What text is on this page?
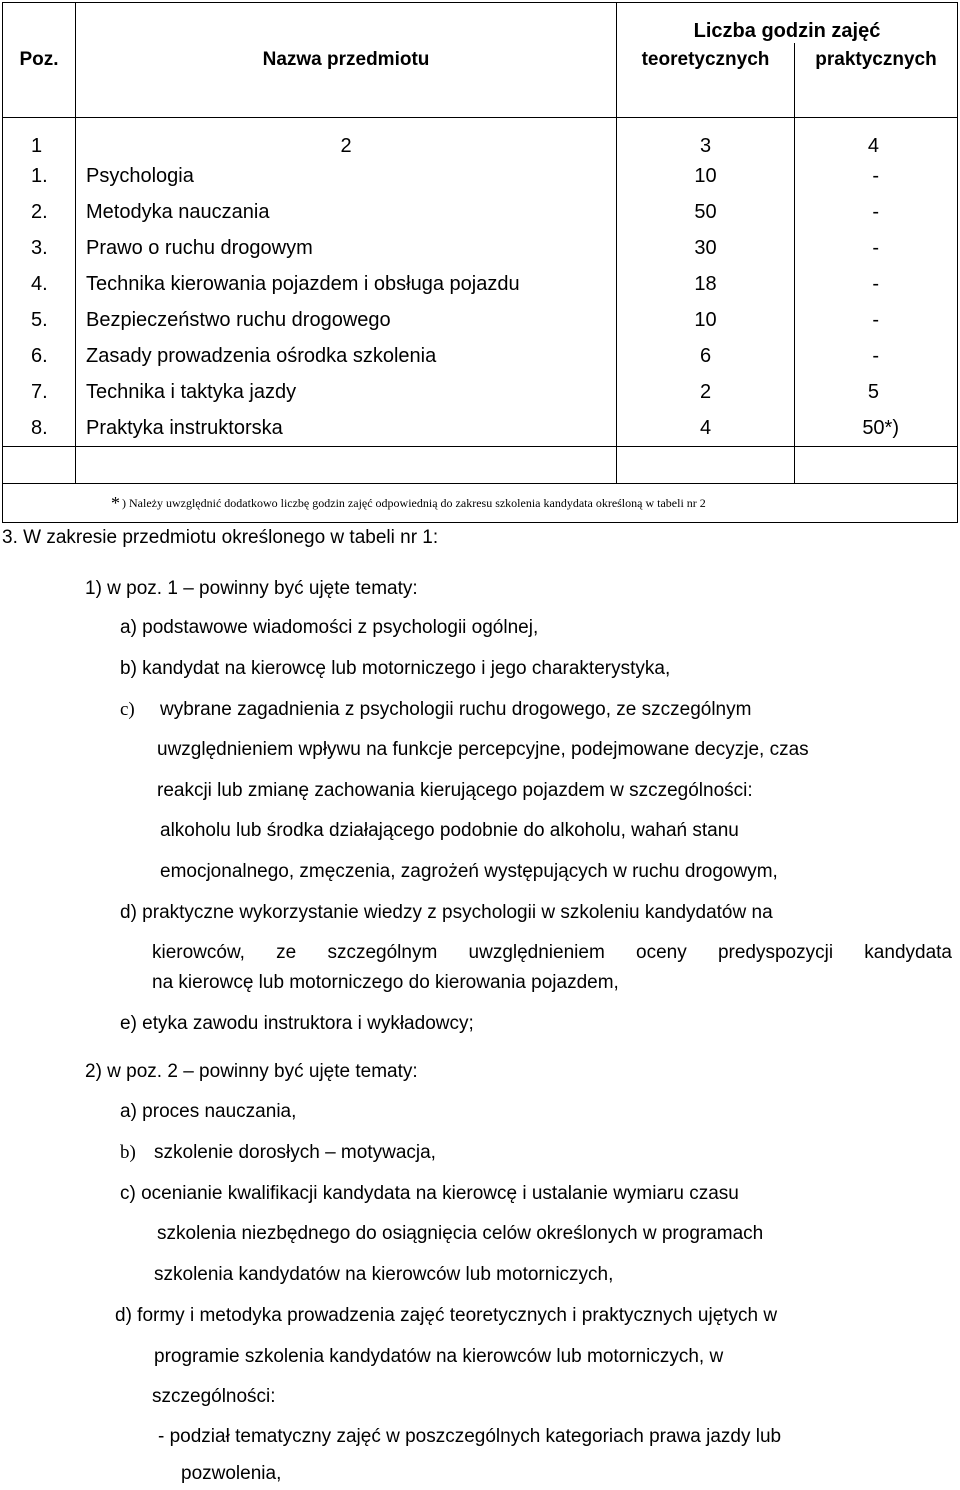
Poz.	Nazwa przedmiotu	Liczba godzin zajęć	
		teoretycznych	praktycznych
1	2	3	4
1.	Psychologia	10	-
2.	Metodyka nauczania	50	-
3.	Prawo o ruchu drogowym	30	-
4.	Technika kierowania pojazdem i obsługa pojazdu	18	-
5.	Bezpieczeństwo ruchu drogowego	10	-
6.	Zasady prowadzenia ośrodka szkolenia	6	-
7.	Technika i taktyka jazdy	2	5
8.	Praktyka instruktorska	4	50*)

* ) Należy uwzględnić dodatkowo liczbę godzin zajęć odpowiednią do zakresu szkolenia kandydata określoną w tabeli nr 2			
3. W zakresie przedmiotu określonego w tabeli nr 1:
1) w poz. 1 – powinny być ujęte tematy:
a) podstawowe wiadomości z psychologii ogólnej,
b) kandydat na kierowcę lub motorniczego i jego charakterystyka,
c) wybrane zagadnienia z psychologii ruchu drogowego, ze szczególnym
uwzględnieniem wpływu na funkcje percepcyjne, podejmowane decyzje, czas
reakcji lub zmianę zachowania kierującego pojazdem w szczególności:
alkoholu lub środka działającego podobnie do alkoholu, wahań stanu
emocjonalnego, zmęczenia, zagrożeń występujących w ruchu drogowym,
d) praktyczne wykorzystanie wiedzy z psychologii w szkoleniu kandydatów na
kierowców, ze szczególnym uwzględnieniem oceny predyspozycji kandydata
na kierowcę lub motorniczego do kierowania pojazdem,
e) etyka zawodu instruktora i wykładowcy;
2) w poz. 2 – powinny być ujęte tematy:
a) proces nauczania,
b) szkolenie dorosłych – motywacja,
c) ocenianie kwalifikacji kandydata na kierowcę i ustalanie wymiaru czasu
szkolenia niezbędnego do osiągnięcia celów określonych w programach
szkolenia kandydatów na kierowców lub motorniczych,
d) formy i metodyka prowadzenia zajęć teoretycznych i praktycznych ujętych w
programie szkolenia kandydatów na kierowców lub motorniczych, w
szczególności:
- podział tematyczny zajęć w poszczególnych kategoriach prawa jazdy lub
pozwolenia,
